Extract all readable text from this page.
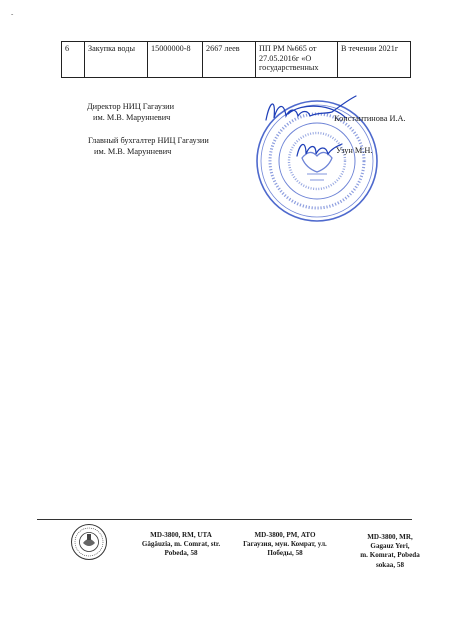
-
6	Закупка воды	15000000-8	2667 леев	ПП РМ №665 от 27.05.2016г «О государственных	В течении 2021г
Директор НИЦ Гагаузии
им. М.В. Марунневич
Главный бухгалтер НИЦ Гагаузии
им. М.В. Марунневич
Константинова И.А.
Узун М.Н.
MD-3800, RM, UTA
Găgăuzia, m. Comrat, str.
Pobeda, 58
MD-3800, РМ, АТО
Гагаузия, мун. Комрат, ул.
Победы, 58
MD-3800, MR,
Gagauz Yeri,
m. Komrat, Pobeda
sokaa, 58
